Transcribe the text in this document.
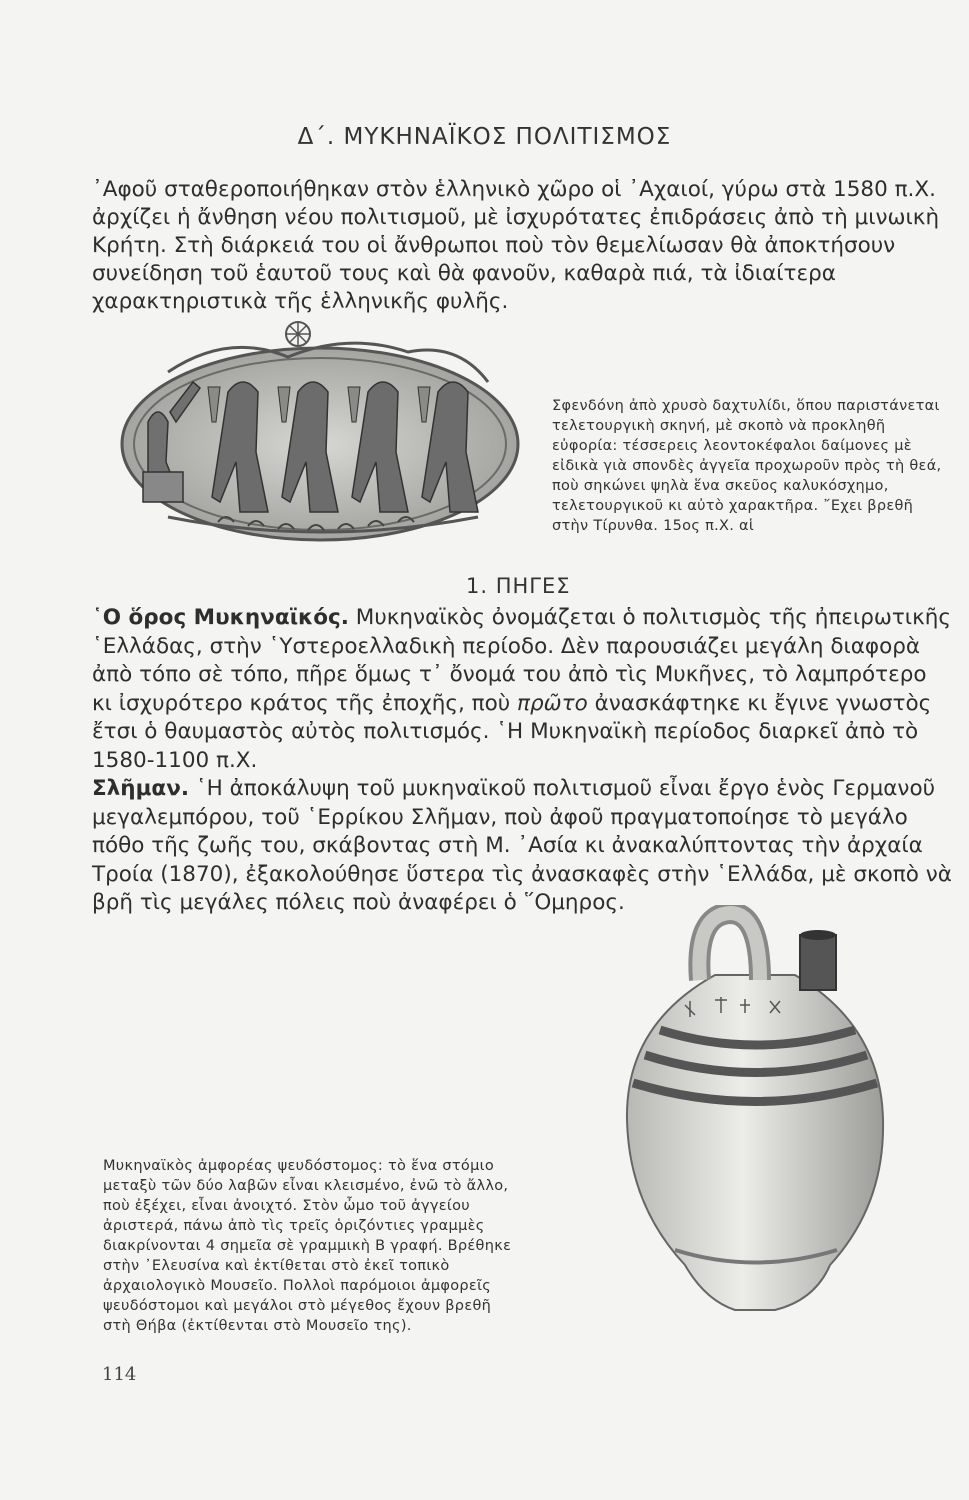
Δ΄. ΜΥΚΗΝΑΪΚΟΣ ΠΟΛΙΤΙΣΜΟΣ

᾿Αφοῦ σταθεροποιήθηκαν στὸν ἑλληνικὸ χῶρο οἱ ᾿Αχαιοί, γύρω στὰ 1580 π.Χ. ἀρχίζει ἡ ἄνθηση νέου πολιτισμοῦ, μὲ ἰσχυρότατες ἐπιδράσεις ἀπὸ τὴ μινωικὴ Κρήτη. Στὴ διάρκειά του οἱ ἄνθρωποι ποὺ τὸν θεμελίωσαν θὰ ἀποκτήσουν συνείδηση τοῦ ἑαυτοῦ τους καὶ θὰ φανοῦν, καθαρὰ πιά, τὰ ἰδιαίτερα χαρακτηριστικὰ τῆς ἑλληνικῆς φυλῆς.

Σφενδόνη ἀπὸ χρυσὸ δαχτυλίδι, ὅπου παριστάνεται τελετουργικὴ σκηνή, μὲ σκοπὸ νὰ προκληθῆ εὐφορία: τέσσερεις λεοντοκέφαλοι δαίμονες μὲ εἰδικὰ γιὰ σπονδὲς ἀγγεῖα προχωροῦν πρὸς τὴ θεά, ποὺ σηκώνει ψηλὰ ἕνα σκεῦος καλυκόσχημο, τελετουργικοῦ κι αὐτὸ χαρακτῆρα. ῎Εχει βρεθῆ στὴν Τίρυνθα. 15ος π.Χ. αἱ

1. ΠΗΓΕΣ

῾Ο ὅρος Μυκηναϊκός. Μυκηναϊκὸς ὀνομάζεται ὁ πολιτισμὸς τῆς ἠπειρωτικῆς ῾Ελλάδας, στὴν ῾Υστεροελλαδικὴ περίοδο. Δὲν παρουσιάζει μεγάλη διαφορὰ ἀπὸ τόπο σὲ τόπο, πῆρε ὅμως τ᾿ ὄνομά του ἀπὸ τὶς Μυκῆνες, τὸ λαμπρότερο κι ἰσχυρότερο κράτος τῆς ἐποχῆς, ποὺ πρῶτο ἀνασκάφτηκε κι ἔγινε γνωστὸς ἔτσι ὁ θαυμαστὸς αὐτὸς πολιτισμός. ῾Η Μυκηναϊκὴ περίοδος διαρκεῖ ἀπὸ τὸ 1580-1100 π.Χ.

Σλῆμαν. ῾Η ἀποκάλυψη τοῦ μυκηναϊκοῦ πολιτισμοῦ εἶναι ἔργο ἑνὸς Γερμανοῦ μεγαλεμπόρου, τοῦ ῾Ερρίκου Σλῆμαν, ποὺ ἀφοῦ πραγματοποίησε τὸ μεγάλο πόθο τῆς ζωῆς του, σκάβοντας στὴ Μ. ᾿Ασία κι ἀνακαλύπτοντας τὴν ἀρχαία Τροία (1870), ἐξακολούθησε ὕστερα τὶς ἀνασκαφὲς στὴν ῾Ελλάδα, μὲ σκοπὸ νὰ βρῆ τὶς μεγάλες πόλεις ποὺ ἀναφέρει ὁ ῞Ομηρος.

Μυκηναϊκὸς ἀμφορέας ψευδόστομος: τὸ ἕνα στόμιο μεταξὺ τῶν δύο λαβῶν εἶναι κλεισμένο, ἐνῶ τὸ ἄλλο, ποὺ ἐξέχει, εἶναι ἀνοιχτό. Στὸν ὦμο τοῦ ἀγγείου ἀριστερά, πάνω ἀπὸ τὶς τρεῖς ὁριζόντιες γραμμὲς διακρίνονται 4 σημεῖα σὲ γραμμικὴ Β γραφή. Βρέθηκε στὴν ᾿Ελευσίνα καὶ ἐκτίθεται στὸ ἐκεῖ τοπικὸ ἀρχαιολογικὸ Μουσεῖο. Πολλοὶ παρόμοιοι ἀμφορεῖς ψευδόστομοι καὶ μεγάλοι στὸ μέγεθος ἔχουν βρεθῆ στὴ Θήβα (ἐκτίθενται στὸ Μουσεῖο της).

114
